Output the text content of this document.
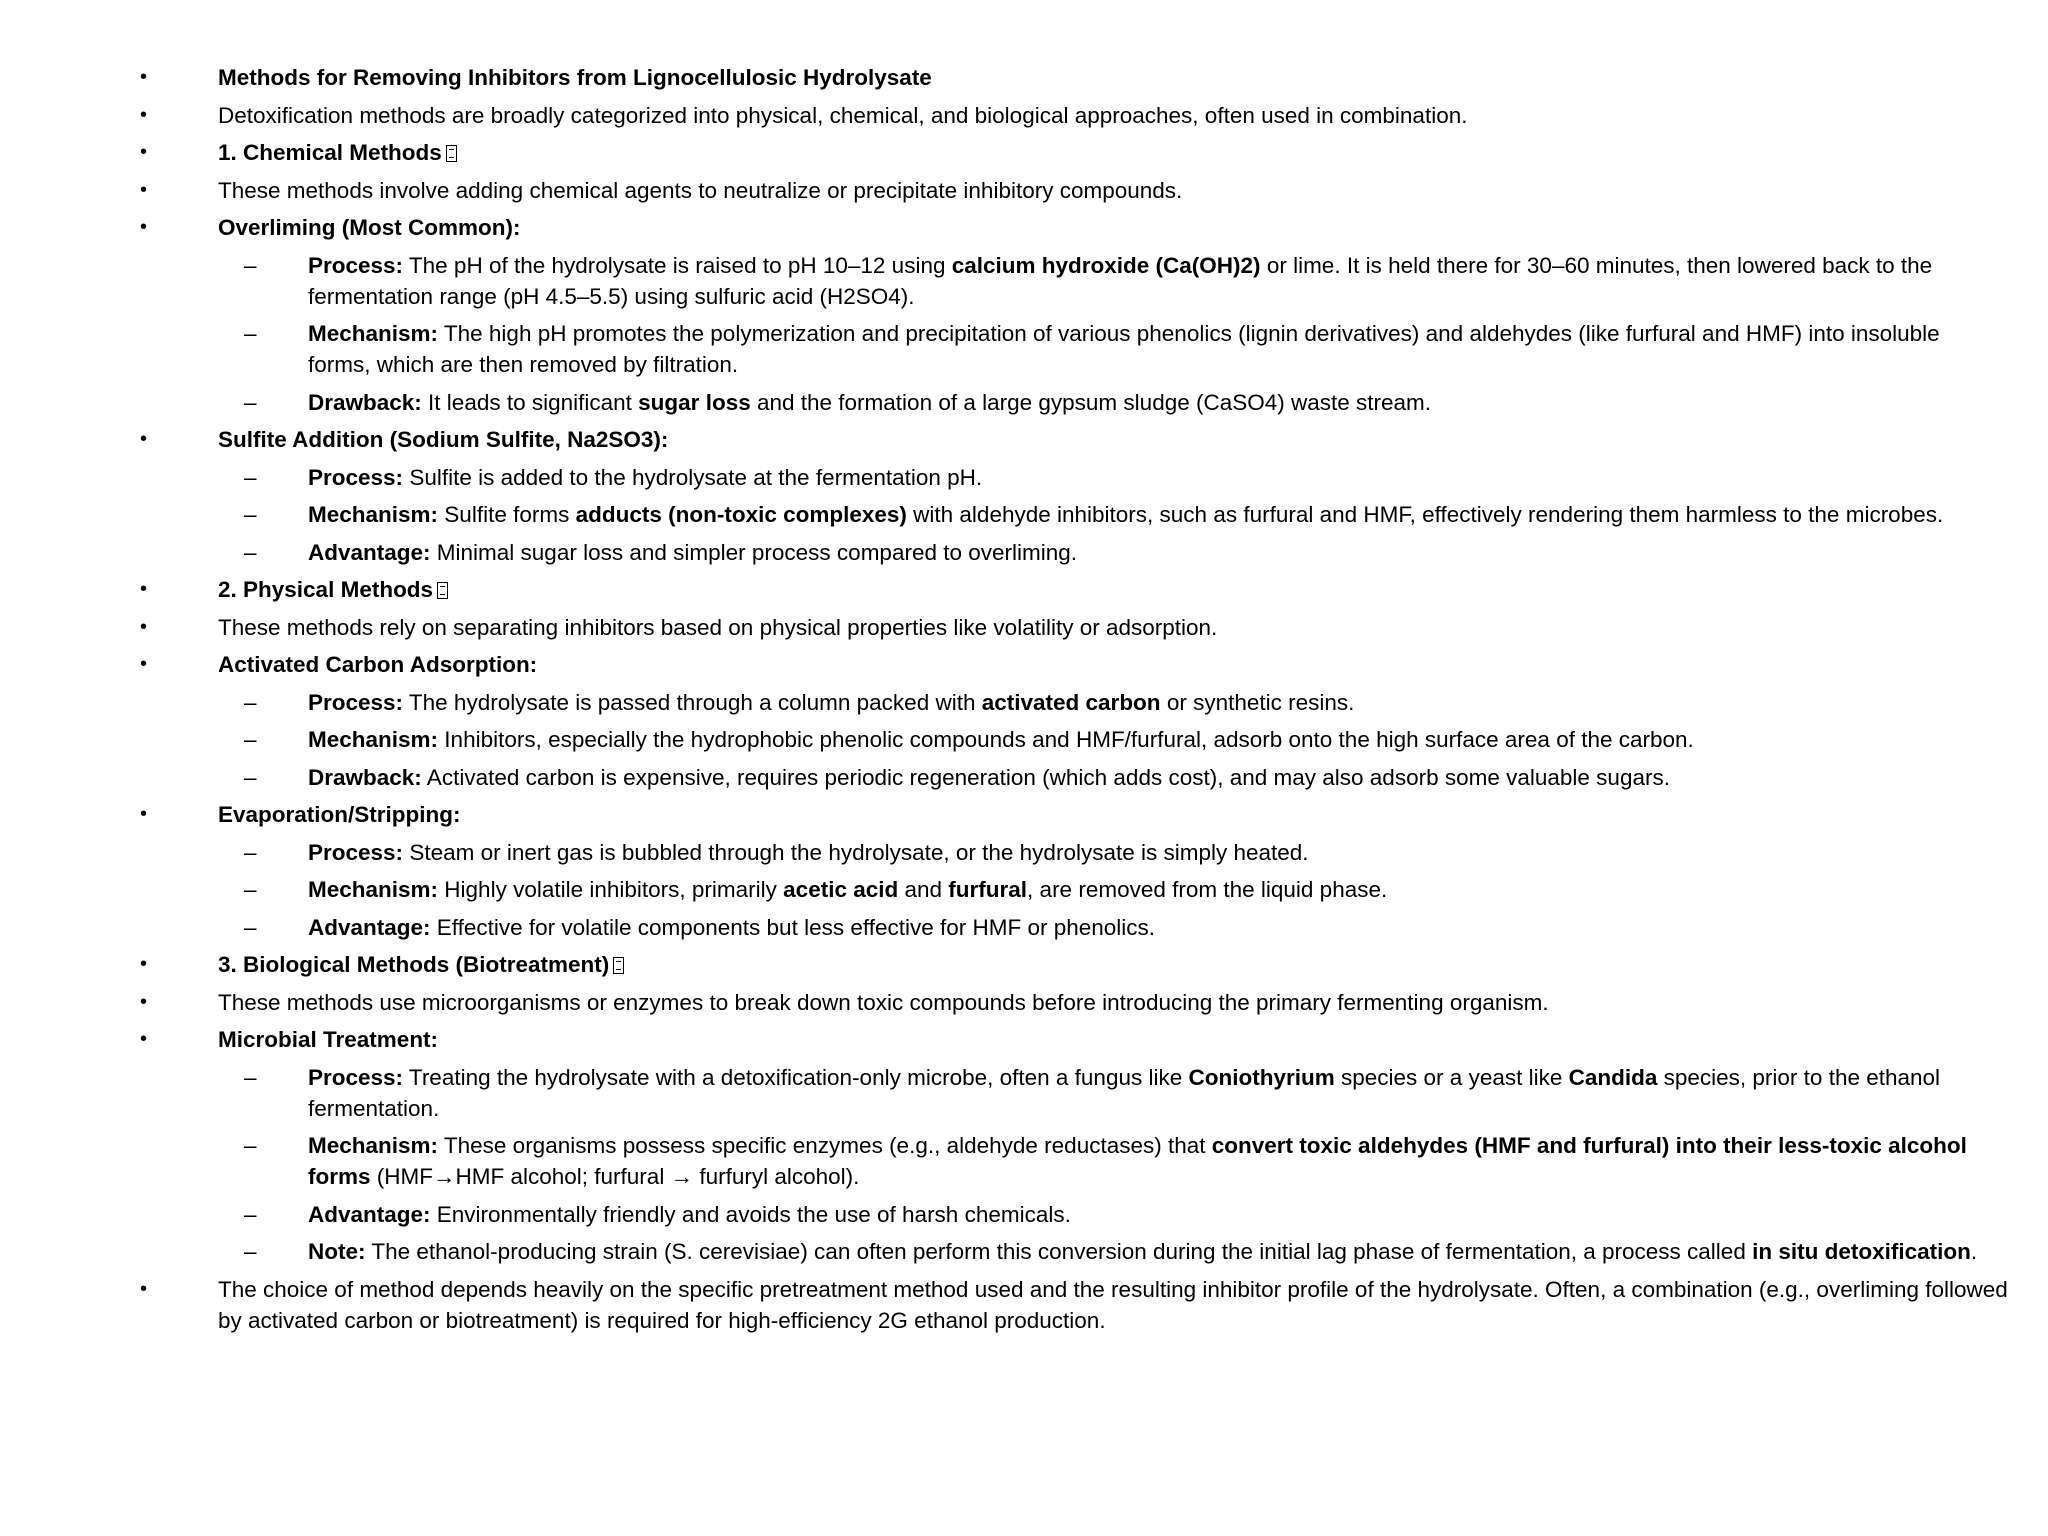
•	Methods for Removing Inhibitors from Lignocellulosic Hydrolysate
•	Detoxification methods are broadly categorized into physical, chemical, and biological approaches, often used in combination.
•	1. Chemical Methods
•	These methods involve adding chemical agents to neutralize or precipitate inhibitory compounds.
•	Overliming (Most Common):
– Process: The pH of the hydrolysate is raised to pH 10–12 using calcium hydroxide (Ca(OH)2) or lime. It is held there for 30–60 minutes, then lowered back to the fermentation range (pH 4.5–5.5) using sulfuric acid (H2SO4).
– Mechanism: The high pH promotes the polymerization and precipitation of various phenolics (lignin derivatives) and aldehydes (like furfural and HMF) into insoluble forms, which are then removed by filtration.
– Drawback: It leads to significant sugar loss and the formation of a large gypsum sludge (CaSO4) waste stream.
•	Sulfite Addition (Sodium Sulfite, Na2SO3):
– Process: Sulfite is added to the hydrolysate at the fermentation pH.
– Mechanism: Sulfite forms adducts (non-toxic complexes) with aldehyde inhibitors, such as furfural and HMF, effectively rendering them harmless to the microbes.
– Advantage: Minimal sugar loss and simpler process compared to overliming.
•	2. Physical Methods
•	These methods rely on separating inhibitors based on physical properties like volatility or adsorption.
•	Activated Carbon Adsorption:
– Process: The hydrolysate is passed through a column packed with activated carbon or synthetic resins.
– Mechanism: Inhibitors, especially the hydrophobic phenolic compounds and HMF/furfural, adsorb onto the high surface area of the carbon.
– Drawback: Activated carbon is expensive, requires periodic regeneration (which adds cost), and may also adsorb some valuable sugars.
•	Evaporation/Stripping:
– Process: Steam or inert gas is bubbled through the hydrolysate, or the hydrolysate is simply heated.
– Mechanism: Highly volatile inhibitors, primarily acetic acid and furfural, are removed from the liquid phase.
– Advantage: Effective for volatile components but less effective for HMF or phenolics.
•	3. Biological Methods (Biotreatment)
•	These methods use microorganisms or enzymes to break down toxic compounds before introducing the primary fermenting organism.
•	Microbial Treatment:
– Process: Treating the hydrolysate with a detoxification-only microbe, often a fungus like Coniothyrium species or a yeast like Candida species, prior to the ethanol fermentation.
– Mechanism: These organisms possess specific enzymes (e.g., aldehyde reductases) that convert toxic aldehydes (HMF and furfural) into their less-toxic alcohol forms (HMF→HMF alcohol; furfural → furfuryl alcohol).
– Advantage: Environmentally friendly and avoids the use of harsh chemicals.
– Note: The ethanol-producing strain (S. cerevisiae) can often perform this conversion during the initial lag phase of fermentation, a process called in situ detoxification.
•	The choice of method depends heavily on the specific pretreatment method used and the resulting inhibitor profile of the hydrolysate. Often, a combination (e.g., overliming followed by activated carbon or biotreatment) is required for high-efficiency 2G ethanol production.
